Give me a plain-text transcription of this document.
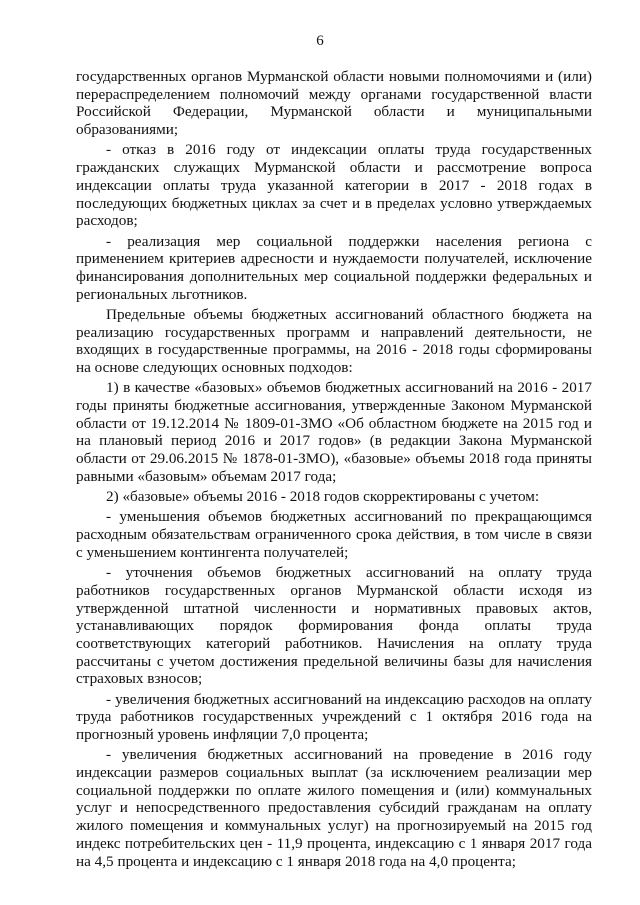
6

государственных органов Мурманской области новыми полномочиями и (или) перераспределением полномочий между органами государственной власти Российской Федерации, Мурманской области и муниципальными образованиями;

- отказ в 2016 году от индексации оплаты труда государственных гражданских служащих Мурманской области и рассмотрение вопроса индексации оплаты труда указанной категории в 2017 - 2018 годах в последующих бюджетных циклах за счет и в пределах условно утверждаемых расходов;

- реализация мер социальной поддержки населения региона с применением критериев адресности и нуждаемости получателей, исключение финансирования дополнительных мер социальной поддержки федеральных и региональных льготников.

Предельные объемы бюджетных ассигнований областного бюджета на реализацию государственных программ и направлений деятельности, не входящих в государственные программы, на 2016 - 2018 годы сформированы на основе следующих основных подходов:

1) в качестве «базовых» объемов бюджетных ассигнований на 2016 - 2017 годы приняты бюджетные ассигнования, утвержденные Законом Мурманской области от 19.12.2014 № 1809-01-ЗМО «Об областном бюджете на 2015 год и на плановый период 2016 и 2017 годов» (в редакции Закона Мурманской области от 29.06.2015 № 1878-01-ЗМО), «базовые» объемы 2018 года приняты равными «базовым» объемам 2017 года;

2) «базовые» объемы 2016 - 2018 годов скорректированы с учетом:

- уменьшения объемов бюджетных ассигнований по прекращающимся расходным обязательствам ограниченного срока действия, в том числе в связи с уменьшением контингента получателей;

- уточнения объемов бюджетных ассигнований на оплату труда работников государственных органов Мурманской области исходя из утвержденной штатной численности и нормативных правовых актов, устанавливающих порядок формирования фонда оплаты труда соответствующих категорий работников. Начисления на оплату труда рассчитаны с учетом достижения предельной величины базы для начисления страховых взносов;

- увеличения бюджетных ассигнований на индексацию расходов на оплату труда работников государственных учреждений с 1 октября 2016 года на прогнозный уровень инфляции 7,0 процента;

- увеличения бюджетных ассигнований на проведение в 2016 году индексации размеров социальных выплат (за исключением реализации мер социальной поддержки по оплате жилого помещения и (или) коммунальных услуг и непосредственного предоставления субсидий гражданам на оплату жилого помещения и коммунальных услуг) на прогнозируемый на 2015 год индекс потребительских цен - 11,9 процента, индексацию с 1 января 2017 года на 4,5 процента и индексацию с 1 января 2018 года на 4,0 процента;
